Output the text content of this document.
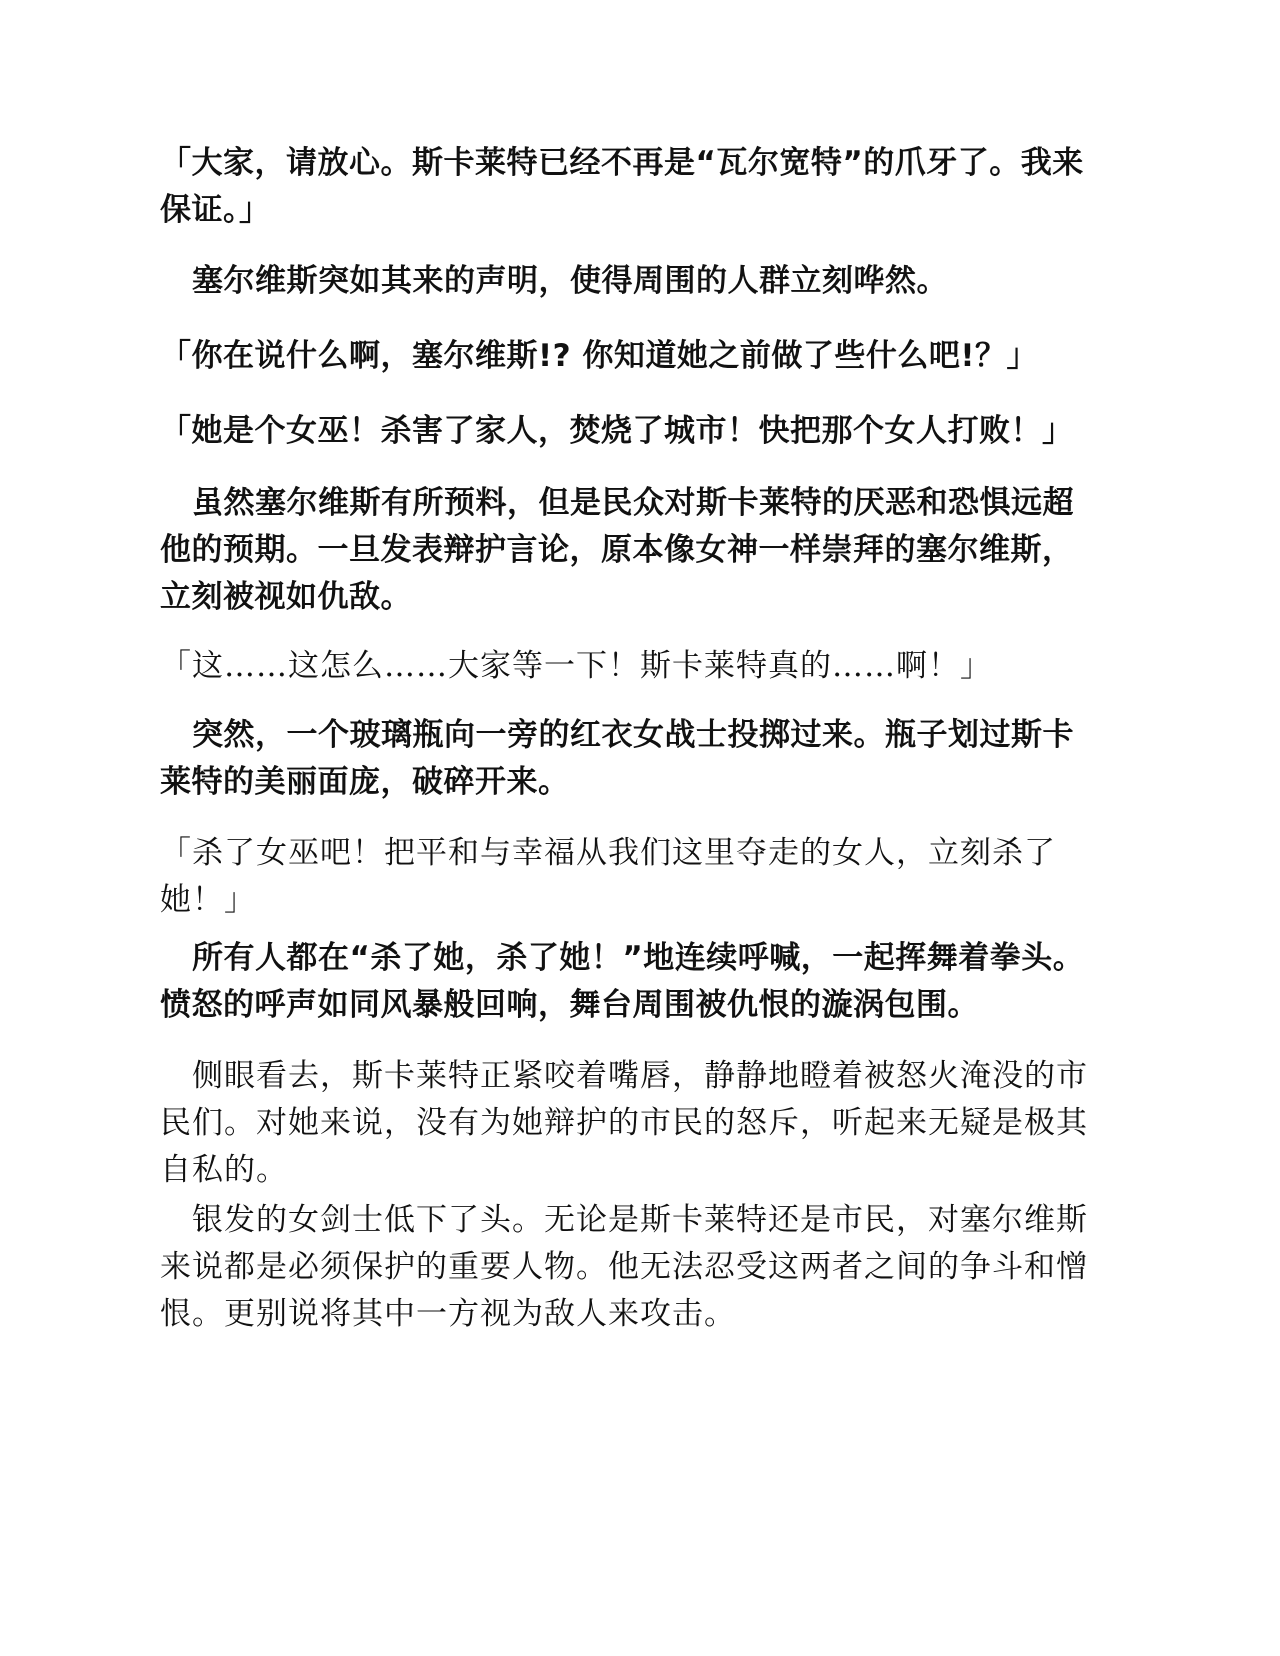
「大家，请放心。斯卡莱特已经不再是“瓦尔宽特”的爪牙了。我来保证。」

塞尔维斯突如其来的声明，使得周围的人群立刻哗然。

「你在说什么啊，塞尔维斯!? 你知道她之前做了些什么吧!？」

「她是个女巫！杀害了家人，焚烧了城市！快把那个女人打败！」

虽然塞尔维斯有所预料，但是民众对斯卡莱特的厌恶和恐惧远超他的预期。一旦发表辩护言论，原本像女神一样崇拜的塞尔维斯，立刻被视如仇敌。

「这……这怎么……大家等一下！斯卡莱特真的……啊！」

突然，一个玻璃瓶向一旁的红衣女战士投掷过来。瓶子划过斯卡莱特的美丽面庞，破碎开来。

「杀了女巫吧！把平和与幸福从我们这里夺走的女人，立刻杀了她！」

所有人都在“杀了她，杀了她！”地连续呼喊，一起挥舞着拳头。愤怒的呼声如同风暴般回响，舞台周围被仇恨的漩涡包围。

侧眼看去，斯卡莱特正紧咬着嘴唇，静静地瞪着被怒火淹没的市民们。对她来说，没有为她辩护的市民的怒斥，听起来无疑是极其自私的。

银发的女剑士低下了头。无论是斯卡莱特还是市民，对塞尔维斯来说都是必须保护的重要人物。他无法忍受这两者之间的争斗和憎恨。更别说将其中一方视为敌人来攻击。
